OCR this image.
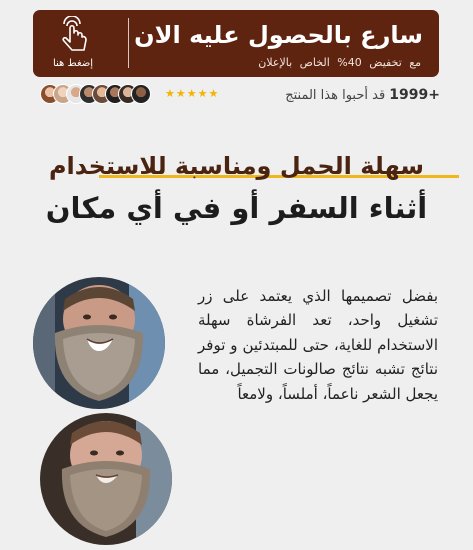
سارع بالحصول عليه الان
مع تخفيض 40% الخاص بالإعلان
إضغط هنا
★★★★★	+1999 قد أحبوا هذا المنتج
سهلة الحمل ومناسبة للاستخدام
أثناء السفر أو في أي مكان
بفضل تصميمها الذي يعتمد على زر تشغيل واحد، تعد الفرشاة سهلة الاستخدام للغاية، حتى للمبتدئين و توفر نتائج تشبه نتائج صالونات التجميل، مما يجعل الشعر ناعماً، أملساً، ولامعاً
